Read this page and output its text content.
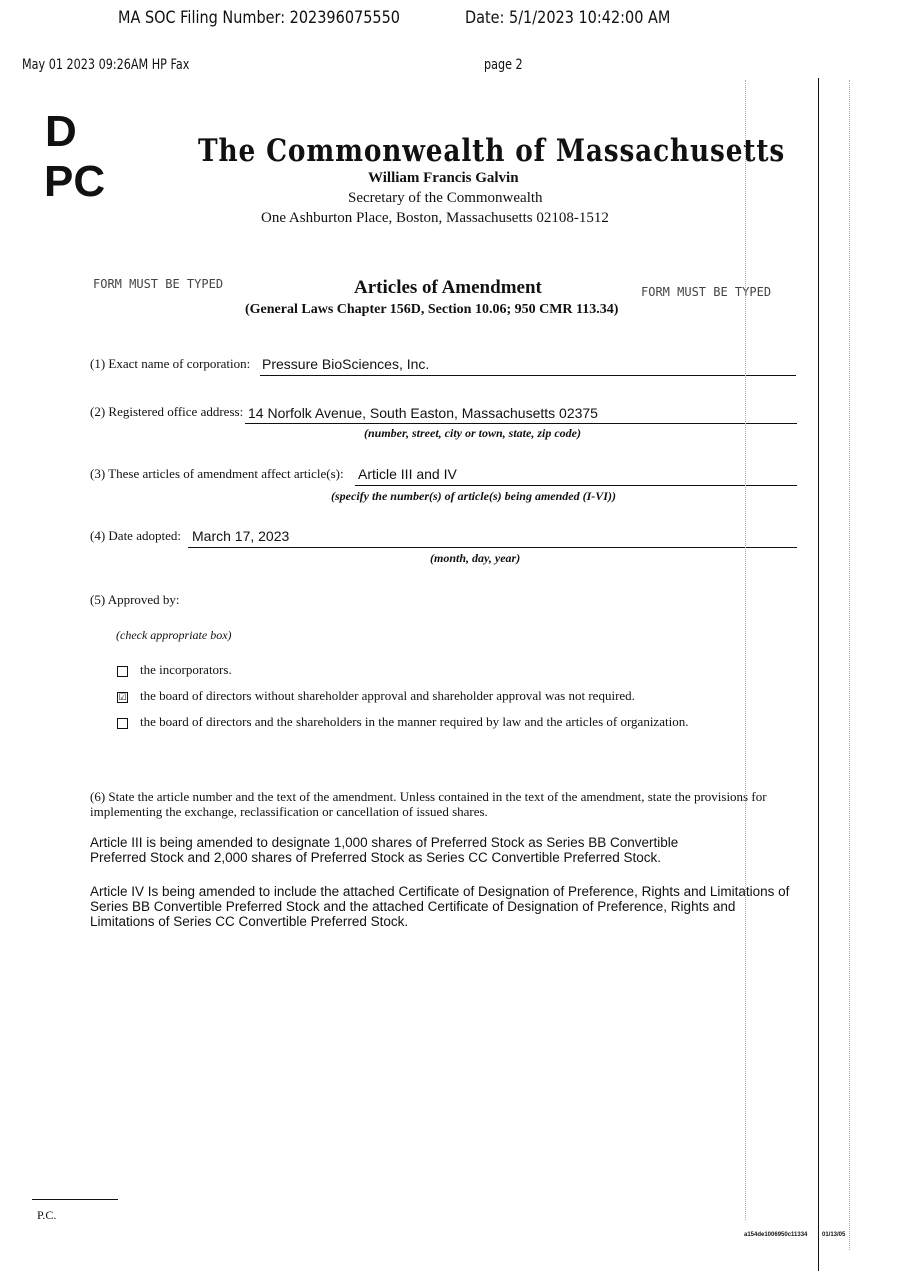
MA SOC Filing Number: 202396075550	Date: 5/1/2023 10:42:00 AM
May 01 2023 09:26AM HP Fax	page 2
D
PC
The Commonwealth of Massachusetts
William Francis Galvin
Secretary of the Commonwealth
One Ashburton Place, Boston, Massachusetts 02108-1512
FORM MUST BE TYPED
FORM MUST BE TYPED
Articles of Amendment
(General Laws Chapter 156D, Section 10.06; 950 CMR 113.34)
(1) Exact name of corporation: Pressure BioSciences, Inc.
(2) Registered office address: 14 Norfolk Avenue, South Easton, Massachusetts 02375
(number, street, city or town, state, zip code)
(3) These articles of amendment affect article(s): Article III and IV
(specify the number(s) of article(s) being amended (I-VI))
(4) Date adopted: March 17, 2023
(month, day, year)
(5) Approved by:
(check appropriate box)
the incorporators.
☑ the board of directors without shareholder approval and shareholder approval was not required.
the board of directors and the shareholders in the manner required by law and the articles of organization.
(6) State the article number and the text of the amendment. Unless contained in the text of the amendment, state the provisions for implementing the exchange, reclassification or cancellation of issued shares.
Article III is being amended to designate 1,000 shares of Preferred Stock as Series BB Convertible Preferred Stock and 2,000 shares of Preferred Stock as Series CC Convertible Preferred Stock.
Article IV Is being amended to include the attached Certificate of Designation of Preference, Rights and Limitations of Series BB Convertible Preferred Stock and the attached Certificate of Designation of Preference, Rights and Limitations of Series CC Convertible Preferred Stock.
P.C.
a154de1006950c11334 01/13/05
